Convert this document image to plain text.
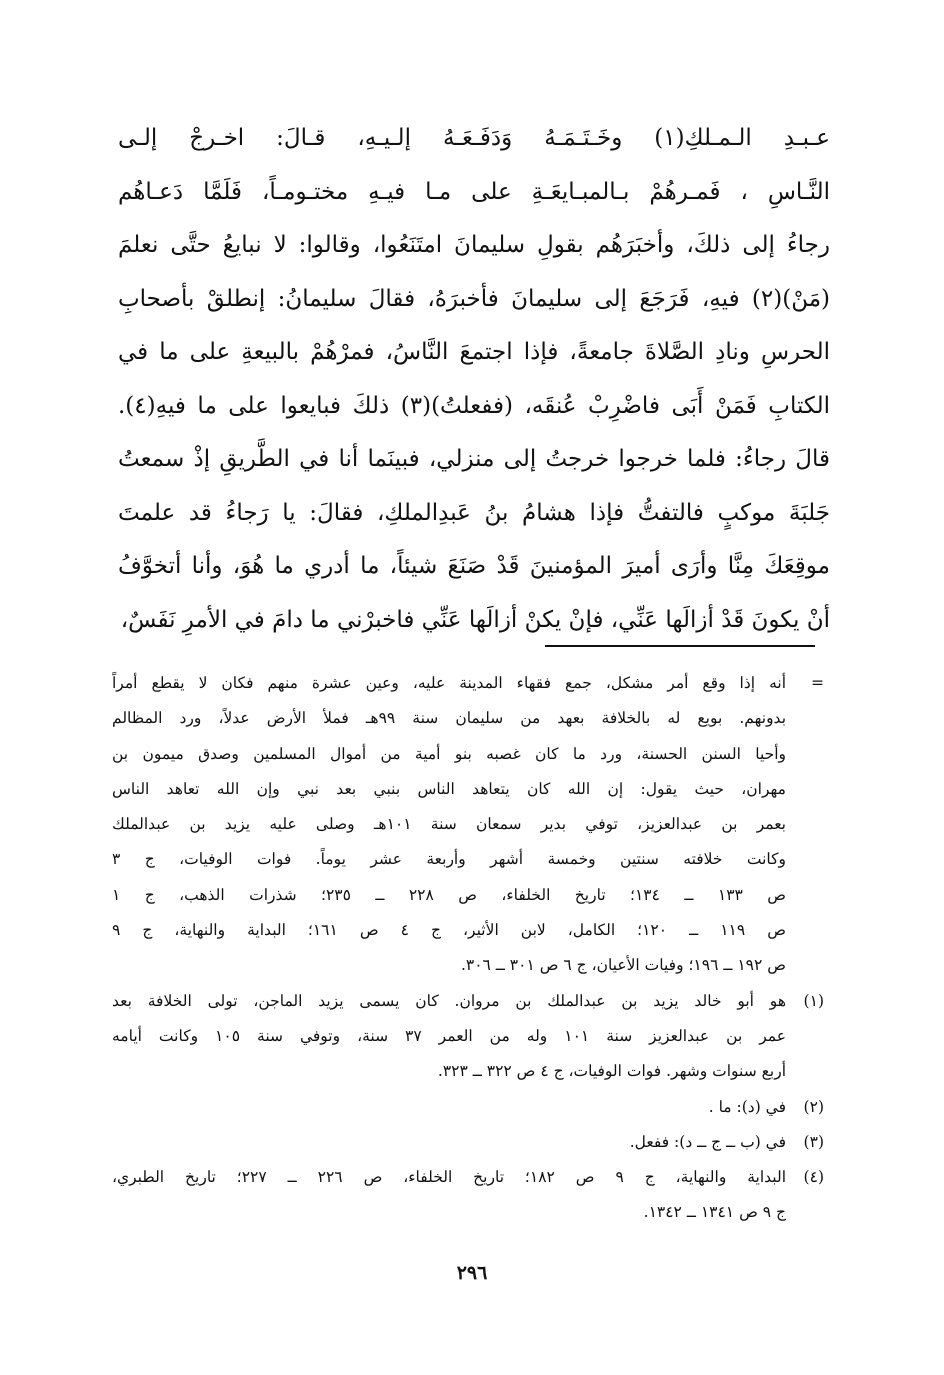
عـبـدِ الـمـلكِ(١) وخَـتَـمَـهُ وَدَفَـعَـهُ إلـيـهِ، قـالَ: اخـرجْ إلـى
النَّـاسِ ، فَمـرهُمْ بـالمبـايعَـةِ على مـا فيـهِ مختـومـاً، فَلَمَّا دَعـاهُم
رجاءُ إلى ذلكَ، وأخبَرَهُم بقولِ سليمانَ امتَنَعُوا، وقالوا: لا نبايعُ حتَّى نعلمَ
(مَنْ)(٢) فيهِ، فَرَجَعَ إلى سليمانَ فأخبرَهُ، فقالَ سليمانُ: إنطلقْ بأصحابِ
الحرسِ ونادِ الصَّلاةَ جامعةً، فإذا اجتمعَ النَّاسُ، فمرْهُمْ بالبيعةِ على ما في
الكتابِ فَمَنْ أَبَى فاضْرِبْ عُنقَه، (ففعلتُ)(٣) ذلكَ فبايعوا على ما فيهِ(٤).
قالَ رجاءُ: فلما خرجوا خرجتُ إلى منزلي، فبينَما أنا في الطَّريقِ إذْ سمعتُ
جَلبَةَ موكبٍ فالتفتُّ فإذا هشامُ بنُ عَبدِالملكِ، فقالَ: يا رَجاءُ قد علمتَ
موقِعَكَ مِنَّا وأرَى أميرَ المؤمنينَ قَدْ صَنَعَ شيئاً، ما أدري ما هُوَ، وأنا أتخوَّفُ
أنْ يكونَ قَدْ أزالَها عَنِّي، فإنْ يكنْ أزالَها عَنِّي فاخبرْني ما دامَ في الأمرِ نَفَسٌ،
=
أنه إذا وقع أمر مشكل، جمع فقهاء المدينة عليه، وعين عشرة منهم فكان لا يقطع أمراً
بدونهم. بويع له بالخلافة بعهد من سليمان سنة ٩٩هـ فملأ الأرض عدلاً، ورد المظالم
وأحيا السنن الحسنة، ورد ما كان غصبه بنو أمية من أموال المسلمين وصدق ميمون بن
مهران، حيث يقول: إن الله كان يتعاهد الناس بنبي بعد نبي وإن الله تعاهد الناس
بعمر بن عبدالعزيز، توفي بدير سمعان سنة ١٠١هـ وصلى عليه يزيد بن عبدالملك
وكانت خلافته سنتين وخمسة أشهر وأربعة عشر يوماً. فوات الوفيات، ج ٣
ص ١٣٣ ــ ١٣٤؛ تاريخ الخلفاء، ص ٢٢٨ ــ ٢٣٥؛ شذرات الذهب، ج ١
ص ١١٩ ــ ١٢٠؛ الكامل، لابن الأثير، ج ٤ ص ١٦١؛ البداية والنهاية، ج ٩
ص ١٩٢ ــ ١٩٦؛ وفيات الأعيان، ج ٦ ص ٣٠١ ــ ٣٠٦.
(١)
هو أبو خالد يزيد بن عبدالملك بن مروان. كان يسمى يزيد الماجن، تولى الخلافة بعد
عمر بن عبدالعزيز سنة ١٠١ وله من العمر ٣٧ سنة، وتوفي سنة ١٠٥ وكانت أيامه
أربع سنوات وشهر. فوات الوفيات، ج ٤ ص ٣٢٢ ــ ٣٢٣.
(٢)
في (د): ما .
(٣)
في (ب ــ ج ــ د): ففعل.
(٤)
البداية والنهاية، ج ٩ ص ١٨٢؛ تاريخ الخلفاء، ص ٢٢٦ ــ ٢٢٧؛ تاريخ الطبري،
ج ٩ ص ١٣٤١ ــ ١٣٤٢.
٢٩٦
